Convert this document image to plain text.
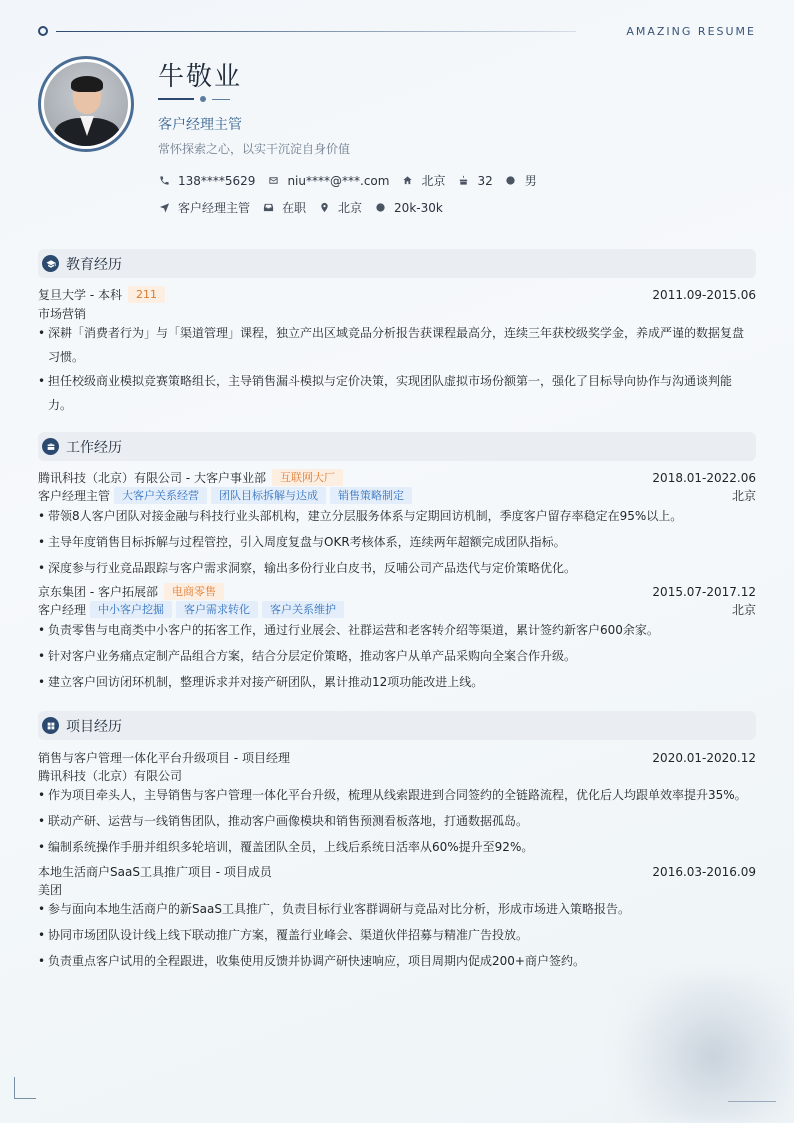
AMAZING RESUME
牛敬业
客户经理主管
常怀探索之心，以实干沉淀自身价值
138****5629	niu****@***.com	北京	32	男
客户经理主管	在职	北京	20k-30k
教育经历
复旦大学 - 本科	211	2011.09-2015.06
市场营销
• 深耕「消费者行为」与「渠道管理」课程，独立产出区域竞品分析报告获课程最高分，连续三年获校级奖学金，养成严谨的数据复盘
习惯。
• 担任校级商业模拟竞赛策略组长，主导销售漏斗模拟与定价决策，实现团队虚拟市场份额第一，强化了目标导向协作与沟通谈判能
力。
工作经历
腾讯科技（北京）有限公司 - 大客户事业部	互联网大厂	2018.01-2022.06
客户经理主管	大客户关系经营	团队目标拆解与达成	销售策略制定	北京
• 带领8人客户团队对接金融与科技行业头部机构，建立分层服务体系与定期回访机制，季度客户留存率稳定在95%以上。
• 主导年度销售目标拆解与过程管控，引入周度复盘与OKR考核体系，连续两年超额完成团队指标。
• 深度参与行业竞品跟踪与客户需求洞察，输出多份行业白皮书，反哺公司产品迭代与定价策略优化。
京东集团 - 客户拓展部	电商零售	2015.07-2017.12
客户经理	中小客户挖掘	客户需求转化	客户关系维护	北京
• 负责零售与电商类中小客户的拓客工作，通过行业展会、社群运营和老客转介绍等渠道，累计签约新客户600余家。
• 针对客户业务痛点定制产品组合方案，结合分层定价策略，推动客户从单产品采购向全案合作升级。
• 建立客户回访闭环机制，整理诉求并对接产研团队，累计推动12项功能改进上线。
项目经历
销售与客户管理一体化平台升级项目 - 项目经理	2020.01-2020.12
腾讯科技（北京）有限公司
• 作为项目牵头人，主导销售与客户管理一体化平台升级，梳理从线索跟进到合同签约的全链路流程，优化后人均跟单效率提升35%。
• 联动产研、运营与一线销售团队，推动客户画像模块和销售预测看板落地，打通数据孤岛。
• 编制系统操作手册并组织多轮培训，覆盖团队全员，上线后系统日活率从60%提升至92%。
本地生活商户SaaS工具推广项目 - 项目成员	2016.03-2016.09
美团
• 参与面向本地生活商户的新SaaS工具推广，负责目标行业客群调研与竞品对比分析，形成市场进入策略报告。
• 协同市场团队设计线上线下联动推广方案，覆盖行业峰会、渠道伙伴招募与精准广告投放。
• 负责重点客户试用的全程跟进，收集使用反馈并协调产研快速响应，项目周期内促成200+商户签约。
